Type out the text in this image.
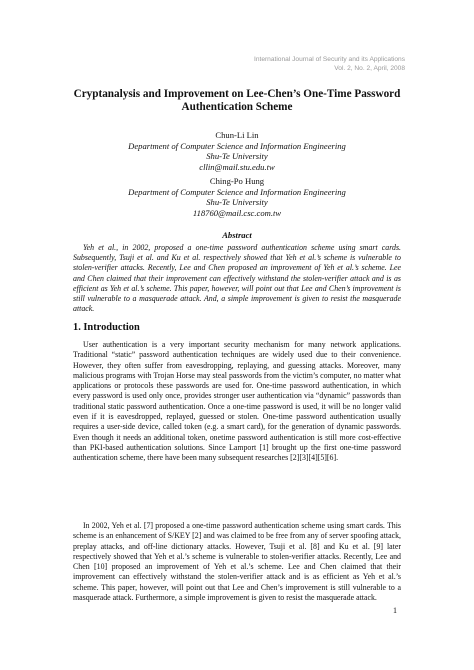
International Journal of Security and its Applications
Vol. 2, No. 2, April, 2008
Cryptanalysis and Improvement on Lee-Chen’s One-Time Password Authentication Scheme
Chun-Li Lin
Department of Computer Science and Information Engineering
Shu-Te University
cllin@mail.stu.edu.tw
Ching-Po Hung
Department of Computer Science and Information Engineering
Shu-Te University
118760@mail.csc.com.tw
Abstract
Yeh et al., in 2002, proposed a one-time password authentication scheme using smart cards. Subsequently, Tsuji et al. and Ku et al. respectively showed that Yeh et al.’s scheme is vulnerable to stolen-verifier attacks. Recently, Lee and Chen proposed an improvement of Yeh et al.’s scheme. Lee and Chen claimed that their improvement can effectively withstand the stolen-verifier attack and is as efficient as Yeh et al.’s scheme. This paper, however, will point out that Lee and Chen’s improvement is still vulnerable to a masquerade attack. And, a simple improvement is given to resist the masquerade attack.
1. Introduction
User authentication is a very important security mechanism for many network applications. Traditional “static” password authentication techniques are widely used due to their convenience. However, they often suffer from eavesdropping, replaying, and guessing attacks. Moreover, many malicious programs with Trojan Horse may steal passwords from the victim’s computer, no matter what applications or protocols these passwords are used for. One-time password authentication, in which every password is used only once, provides stronger user authentication via “dynamic” passwords than traditional static password authentication. Once a one-time password is used, it will be no longer valid even if it is eavesdropped, replayed, guessed or stolen. One-time password authentication usually requires a user-side device, called token (e.g. a smart card), for the generation of dynamic passwords. Even though it needs an additional token, onetime password authentication is still more cost-effective than PKI-based authentication solutions. Since Lamport [1] brought up the first one-time password authentication scheme, there have been many subsequent researches [2][3][4][5][6].
In 2002, Yeh et al. [7] proposed a one-time password authentication scheme using smart cards. This scheme is an enhancement of S/KEY [2] and was claimed to be free from any of server spoofing attack, preplay attacks, and off-line dictionary attacks. However, Tsuji et al. [8] and Ku et al. [9] later respectively showed that Yeh et al.’s scheme is vulnerable to stolen-verifier attacks. Recently, Lee and Chen [10] proposed an improvement of Yeh et al.’s scheme. Lee and Chen claimed that their improvement can effectively withstand the stolen-verifier attack and is as efficient as Yeh et al.’s scheme. This paper, however, will point out that Lee and Chen’s improvement is still vulnerable to a masquerade attack. Furthermore, a simple improvement is given to resist the masquerade attack.
1
